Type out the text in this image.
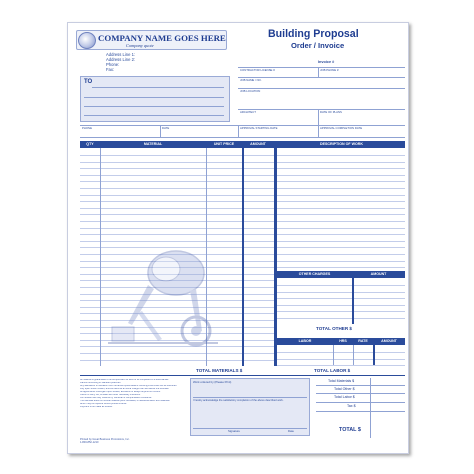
COMPANY NAME GOES HERE
Company quote
Address Line 1:
Address Line 2:
Phone:
Fax:
Building Proposal
Order / Invoice
Invoice #
TO
CONTRACTOR LICENSE #	JOB PHONE #
JOB NAME / NO.
JOB LOCATION
ARCHITECT	DATE OF PLANS
PHONE	DATE	APPROVAL STARTING DATE	APPROVAL COMPLETION DATE
QTY	MATERIAL	UNIT PRICE	AMOUNT	DESCRIPTION OF WORK
OTHER CHARGES	AMOUNT
TOTAL OTHER $
LABOR	HRS	RATE	AMOUNT
TOTAL LABOR $
TOTAL MATERIALS $
All material is guaranteed to be as specified. All work to be completed in a workmanlike
manner according to standard practices.
Any alterations or deviation from the above specifications involving extra costs will be executed
only upon written orders, and will become an extra charge over and above the estimate.
All agreements contingent upon strikes, accidents or delays beyond our control.
Owner to carry fire, tornado and other necessary insurance.
Our workers are fully covered by Workman's Compensation Insurance.
The estimate does not include material price increases, or additional labor and materials
which may be required should problems arise.
Payment to be made as follows:
Work ordered by (Please Print)
I hereby acknowledge the satisfactory completion of the above described work.
Signature	Date
Total Materials $
Total Other $
Total Labor $
Tax $
TOTAL $
Printed by Great Business Promotions, Inc.
1-800-852-1210
